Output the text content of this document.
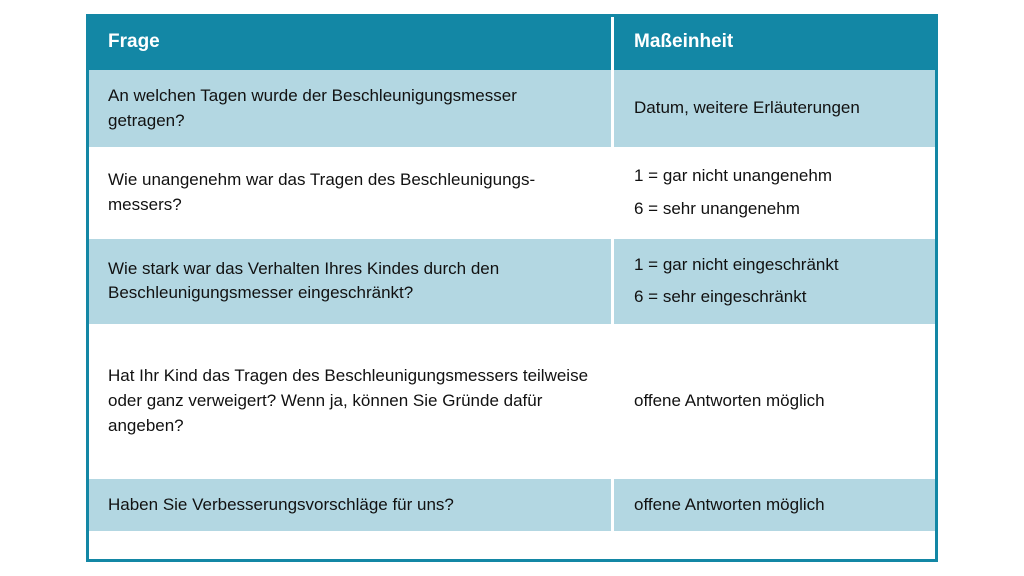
Frage	Maßeinheit
An welchen Tagen wurde der Beschleunigungsmesser getragen?	Datum, weitere Erläuterungen

Wie unangenehm war das Tragen des Beschleunigungs-messers?	1 = gar nicht unangenehm
6 = sehr unangenehm

Wie stark war das Verhalten Ihres Kindes durch den Beschleunigungsmesser eingeschränkt?	1 = gar nicht eingeschränkt
6 = sehr eingeschränkt

Hat Ihr Kind das Tragen des Beschleunigungsmessers teilweise oder ganz verweigert? Wenn ja, können Sie Gründe dafür angeben?	offene Antworten möglich

Haben Sie Verbesserungsvorschläge für uns?	offene Antworten möglich
